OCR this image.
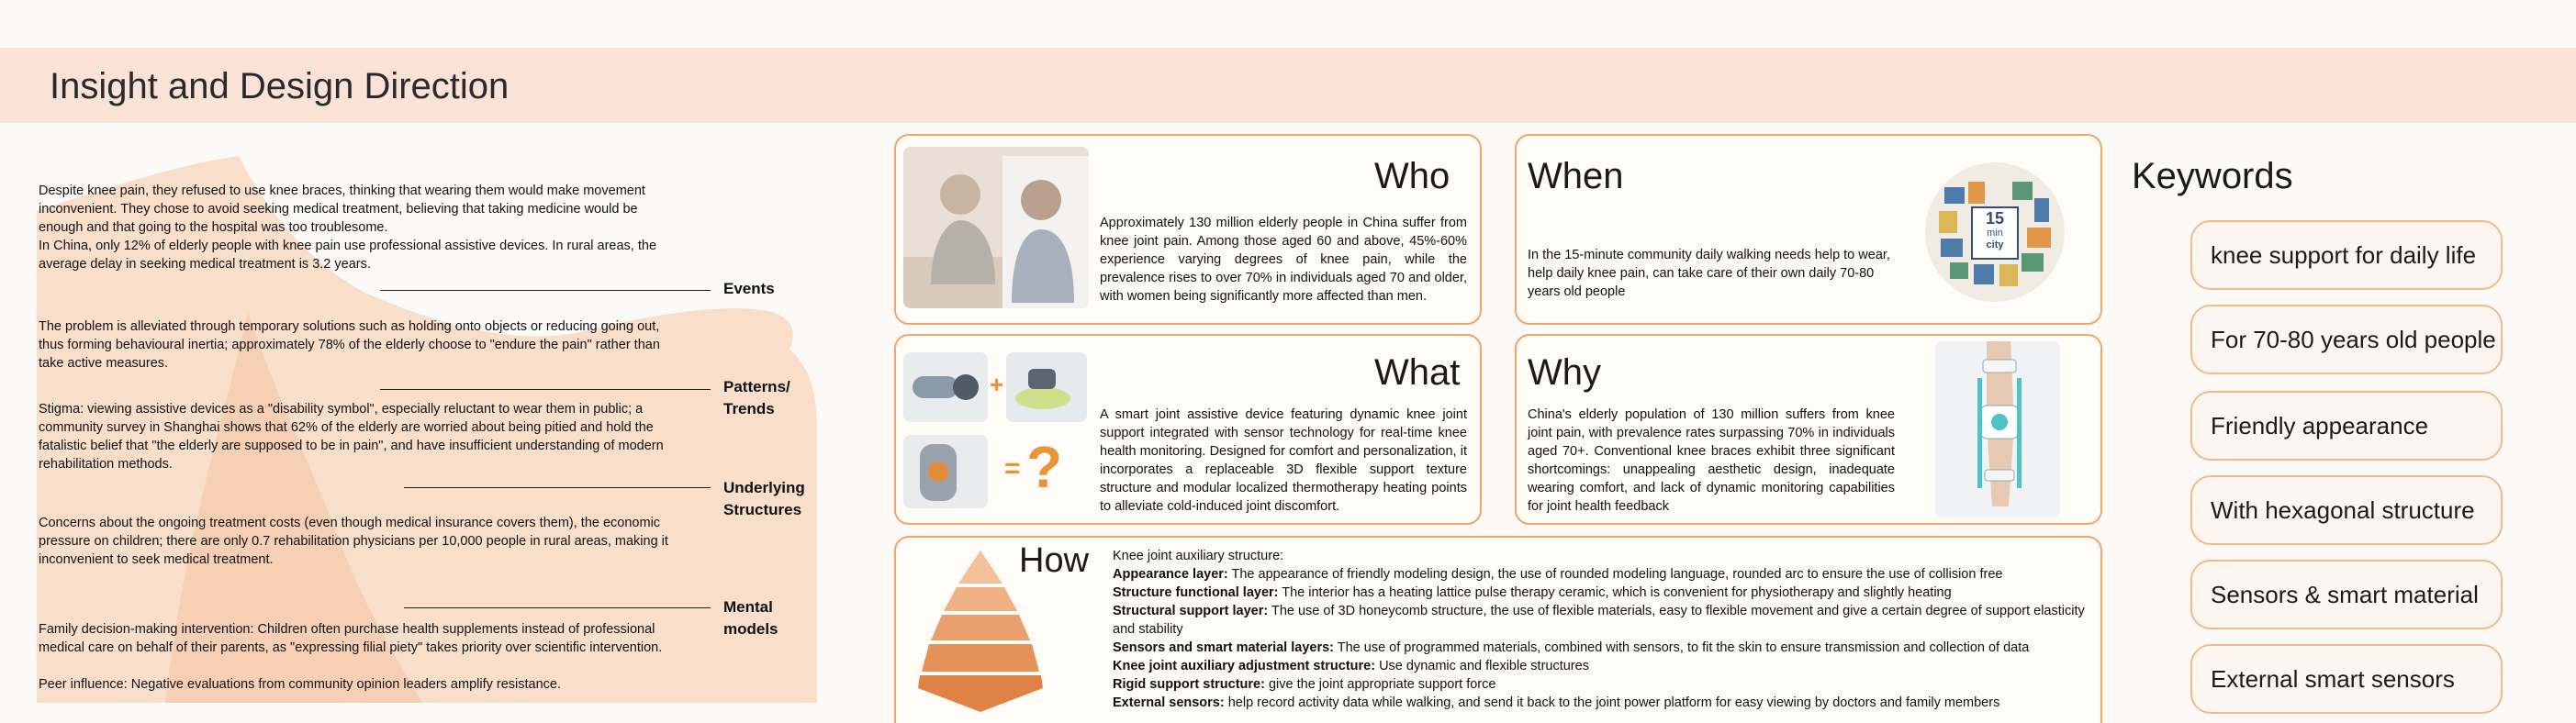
Insight and Design Direction
Despite knee pain, they refused to use knee braces, thinking that wearing them would make movement inconvenient. They chose to avoid seeking medical treatment, believing that taking medicine would be enough and that going to the hospital was too troublesome.
In China, only 12% of elderly people with knee pain use professional assistive devices. In rural areas, the average delay in seeking medical treatment is 3.2 years.
Events
The problem is alleviated through temporary solutions such as holding onto objects or reducing going out, thus forming behavioural inertia; approximately 78% of the elderly choose to "endure the pain" rather than take active measures.
Patterns/ Trends
Stigma: viewing assistive devices as a "disability symbol", especially reluctant to wear them in public; a community survey in Shanghai shows that 62% of the elderly are worried about being pitied and hold the fatalistic belief that "the elderly are supposed to be in pain", and have insufficient understanding of modern rehabilitation methods.
Underlying Structures
Concerns about the ongoing treatment costs (even though medical insurance covers them), the economic pressure on children; there are only 0.7 rehabilitation physicians per 10,000 people in rural areas, making it inconvenient to seek medical treatment.
Mental models
Family decision-making intervention: Children often purchase health supplements instead of professional medical care on behalf of their parents, as "expressing filial piety" takes priority over scientific intervention.
Peer influence: Negative evaluations from community opinion leaders amplify resistance.
Who
Approximately 130 million elderly people in China suffer from knee joint pain. Among those aged 60 and above, 45%-60% experience varying degrees of knee pain, while the prevalence rises to over 70% in individuals aged 70 and older, with women being significantly more affected than men.
When
In the 15-minute community daily walking needs help to wear, help daily knee pain, can take care of their own daily 70-80 years old people
15
min
city
+
= ?
What
A smart joint assistive device featuring dynamic knee joint support integrated with sensor technology for real-time knee health monitoring. Designed for comfort and personalization, it incorporates a replaceable 3D flexible support texture structure and modular localized thermotherapy heating points to alleviate cold-induced joint discomfort.
Why
China's elderly population of 130 million suffers from knee joint pain, with prevalence rates surpassing 70% in individuals aged 70+. Conventional knee braces exhibit three significant shortcomings: unappealing aesthetic design, inadequate wearing comfort, and lack of dynamic monitoring capabilities for joint health feedback
How Knee joint auxiliary structure:
Appearance layer: The appearance of friendly modeling design, the use of rounded modeling language, rounded arc to ensure the use of collision free
Structure functional layer: The interior has a heating lattice pulse therapy ceramic, which is convenient for physiotherapy and slightly heating
Structural support layer: The use of 3D honeycomb structure, the use of flexible materials, easy to flexible movement and give a certain degree of support elasticity and stability
Sensors and smart material layers: The use of programmed materials, combined with sensors, to fit the skin to ensure transmission and collection of data
Knee joint auxiliary adjustment structure: Use dynamic and flexible structures
Rigid support structure: give the joint appropriate support force
External sensors: help record activity data while walking, and send it back to the joint power platform for easy viewing by doctors and family members
Keywords
knee support for daily life
For 70-80 years old people
Friendly appearance
With hexagonal structure
Sensors & smart material
External smart sensors
